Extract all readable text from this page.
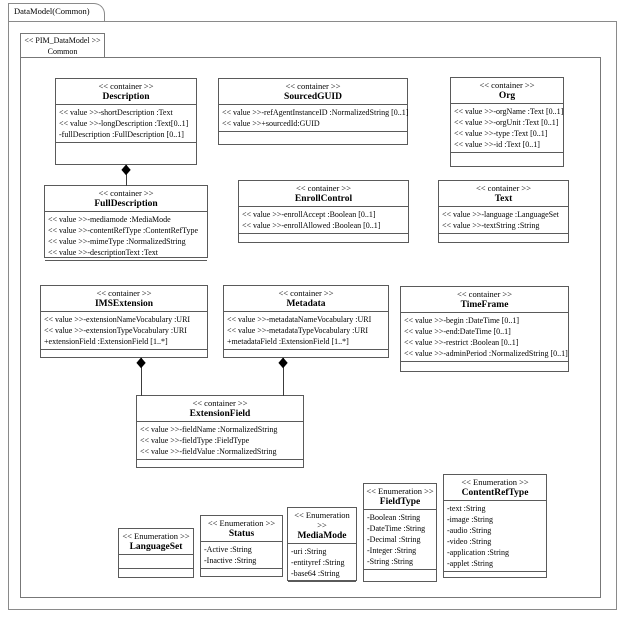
DataModel(Common)
<< PIM_DataModel >>
Common
<< container >>
Description
<< value >>-shortDescription :Text
<< value >>-longDescription :Text[0..1]
-fullDescription :FullDescription [0..1]
<< container >>
SourcedGUID
<< value >>-refAgentInstanceID :NormalizedString [0..1]
<< value >>+sourcedId:GUID
<< container >>
Org
<< value >>-orgName :Text [0..1]
<< value >>-orgUnit :Text [0..1]
<< value >>-type :Text [0..1]
<< value >>-id :Text [0..1]
<< container >>
FullDescription
<< value >>-mediamode :MediaMode
<< value >>-contentRefType :ContentRefType
<< value >>-mimeType :NormalizedString
<< value >>-descriptionText :Text
<< container >>
EnrollControl
<< value >>-enrollAccept :Boolean [0..1]
<< value >>-enrollAllowed :Boolean [0..1]
<< container >>
Text
<< value >>-language :LanguageSet
<< value >>-textString :String
<< container >>
IMSExtension
<< value >>-extensionNameVocabulary :URI
<< value >>-extensionTypeVocabulary :URI
+extensionField :ExtensionField [1..*]
<< container >>
Metadata
<< value >>-metadataNameVocabulary :URI
<< value >>-metadataTypeVocabulary :URI
+metadataField :ExtensionField [1..*]
<< container >>
TimeFrame
<< value >>-begin :DateTime [0..1]
<< value >>-end:DateTime [0..1]
<< value >>-restrict :Boolean [0..1]
<< value >>-adminPeriod :NormalizedString [0..1]
<< container >>
ExtensionField
<< value >>-fieldName :NormalizedString
<< value >>-fieldType :FieldType
<< value >>-fieldValue :NormalizedString
<< Enumeration >>
LanguageSet
<< Enumeration >>
Status
-Active :String
-Inactive :String
<< Enumeration >>
MediaMode
-uri :String
-entityref :String
-base64 :String
<< Enumeration >>
FieldType
-Boolean :String
-DateTime :String
-Decimal :String
-Integer :String
-String :String
<< Enumeration >>
ContentRefType
-text :String
-image :String
-audio :String
-video :String
-application :String
-applet :String
◆
◆	◆
